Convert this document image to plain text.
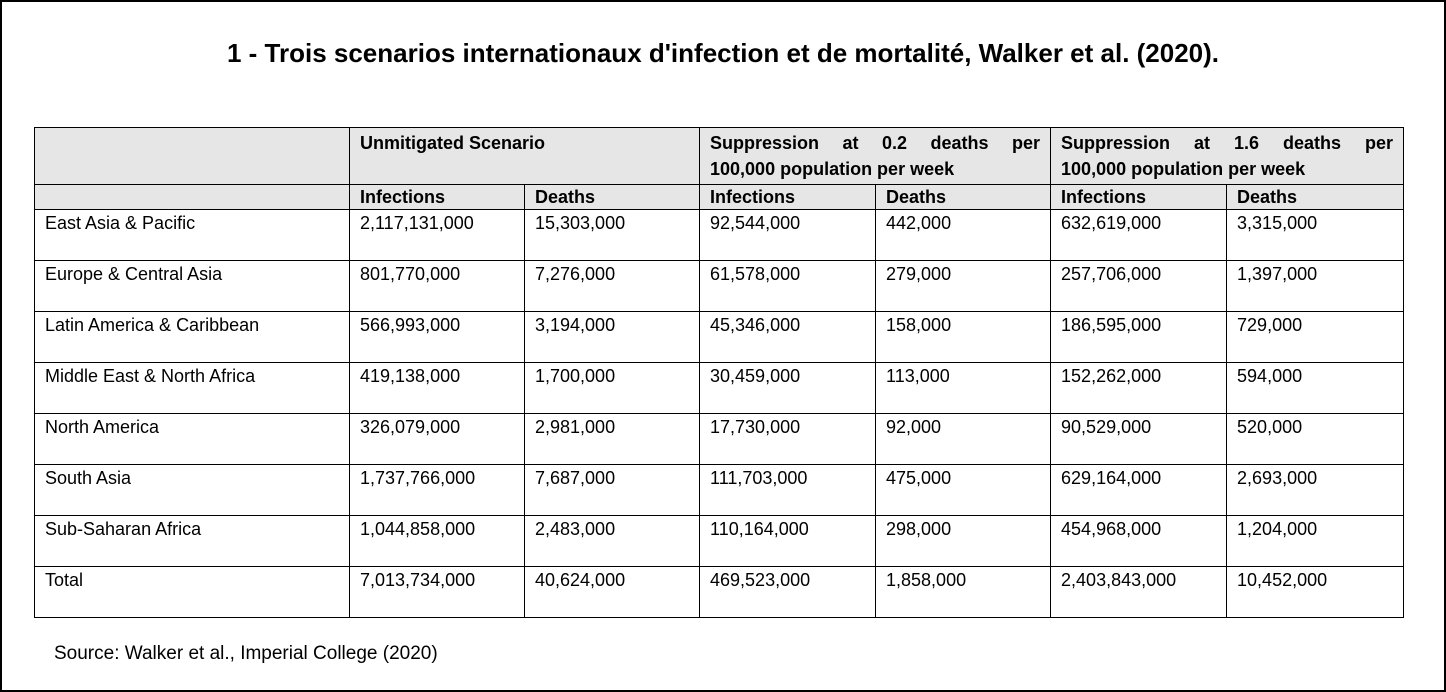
1 - Trois scenarios internationaux d'infection et de mortalité, Walker et al. (2020).
	Unmitigated Scenario		Suppression at 0.2 deaths per
100,000 population per week		Suppression at 1.6 deaths per
100,000 population per week	
	Infections	Deaths	Infections	Deaths	Infections	Deaths
East Asia & Pacific	2,117,131,000	15,303,000	92,544,000	442,000	632,619,000	3,315,000
Europe & Central Asia	801,770,000	7,276,000	61,578,000	279,000	257,706,000	1,397,000
Latin America & Caribbean	566,993,000	3,194,000	45,346,000	158,000	186,595,000	729,000
Middle East & North Africa	419,138,000	1,700,000	30,459,000	113,000	152,262,000	594,000
North America	326,079,000	2,981,000	17,730,000	92,000	90,529,000	520,000
South Asia	1,737,766,000	7,687,000	111,703,000	475,000	629,164,000	2,693,000
Sub-Saharan Africa	1,044,858,000	2,483,000	110,164,000	298,000	454,968,000	1,204,000
Total	7,013,734,000	40,624,000	469,523,000	1,858,000	2,403,843,000	10,452,000
Source: Walker et al., Imperial College (2020)
